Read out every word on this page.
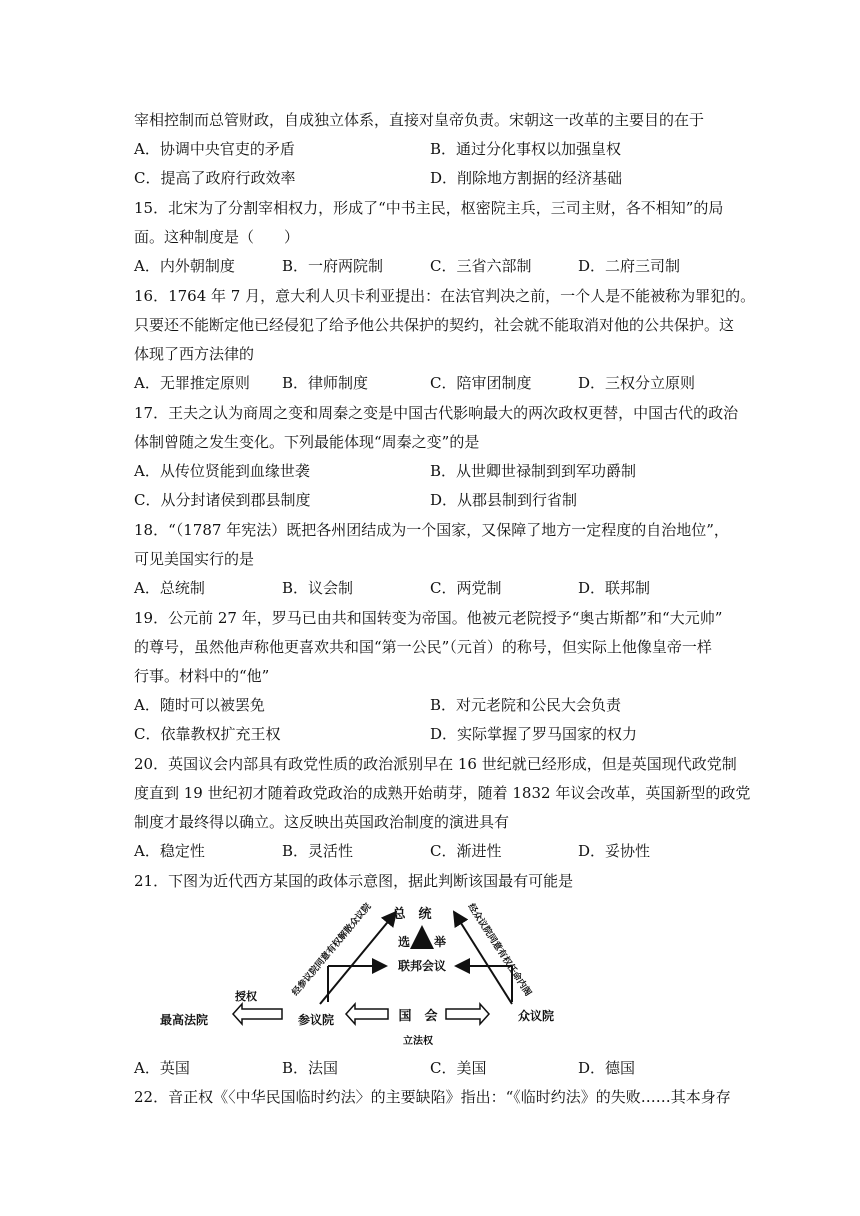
宰相控制而总管财政，自成独立体系，直接对皇帝负责。宋朝这一改革的主要目的在于
A．协调中央官吏的矛盾	B．通过分化事权以加强皇权
C．提高了政府行政效率	D．削除地方割据的经济基础
15．北宋为了分割宰相权力，形成了“中书主民，枢密院主兵，三司主财，各不相知”的局
面。这种制度是（　　）
A．内外朝制度	B．一府两院制	C．三省六部制	D．二府三司制
16．1764 年 7 月，意大利人贝卡利亚提出：在法官判决之前，一个人是不能被称为罪犯的。
只要还不能断定他已经侵犯了给予他公共保护的契约，社会就不能取消对他的公共保护。这
体现了西方法律的
A．无罪推定原则 B．律师制度	C．陪审团制度	D．三权分立原则
17．王夫之认为商周之变和周秦之变是中国古代影响最大的两次政权更替，中国古代的政治
体制曾随之发生变化。下列最能体现“周秦之变”的是
A．从传位贤能到血缘世袭	B．从世卿世禄制到到军功爵制
C．从分封诸侯到郡县制度	D．从郡县制到行省制
18．“（1787 年宪法）既把各州团结成为一个国家，又保障了地方一定程度的自治地位”，
可见美国实行的是
A．总统制	B．议会制	C．两党制	D．联邦制
19．公元前 27 年，罗马已由共和国转变为帝国。他被元老院授予“奥古斯都”和“大元帅”
的尊号，虽然他声称他更喜欢共和国“第一公民”（元首）的称号，但实际上他像皇帝一样
行事。材料中的“他”
A．随时可以被罢免	B．对元老院和公民大会负责
C．依靠教权扩充王权	D．实际掌握了罗马国家的权力
20．英国议会内部具有政党性质的政治派别早在 16 世纪就已经形成，但是英国现代政党制
度直到 19 世纪初才随着政党政治的成熟开始萌芽，随着 1832 年议会改革，英国新型的政党
制度才最终得以确立。这反映出英国政治制度的演进具有
A．稳定性	B．灵活性	C．渐进性	D．妥协性
21．下图为近代西方某国的政体示意图，据此判断该国最有可能是
总　统
选　　举
联邦会议
最高法院
授权
参议院	国　会	众议院
立法权
经参议院同意有权解散众议院	经众议院同意有权任命内阁
A．英国	B．法国	C．美国	D．德国
22．音正权《〈中华民国临时约法〉的主要缺陷》指出：“《临时约法》的失败……其本身存
